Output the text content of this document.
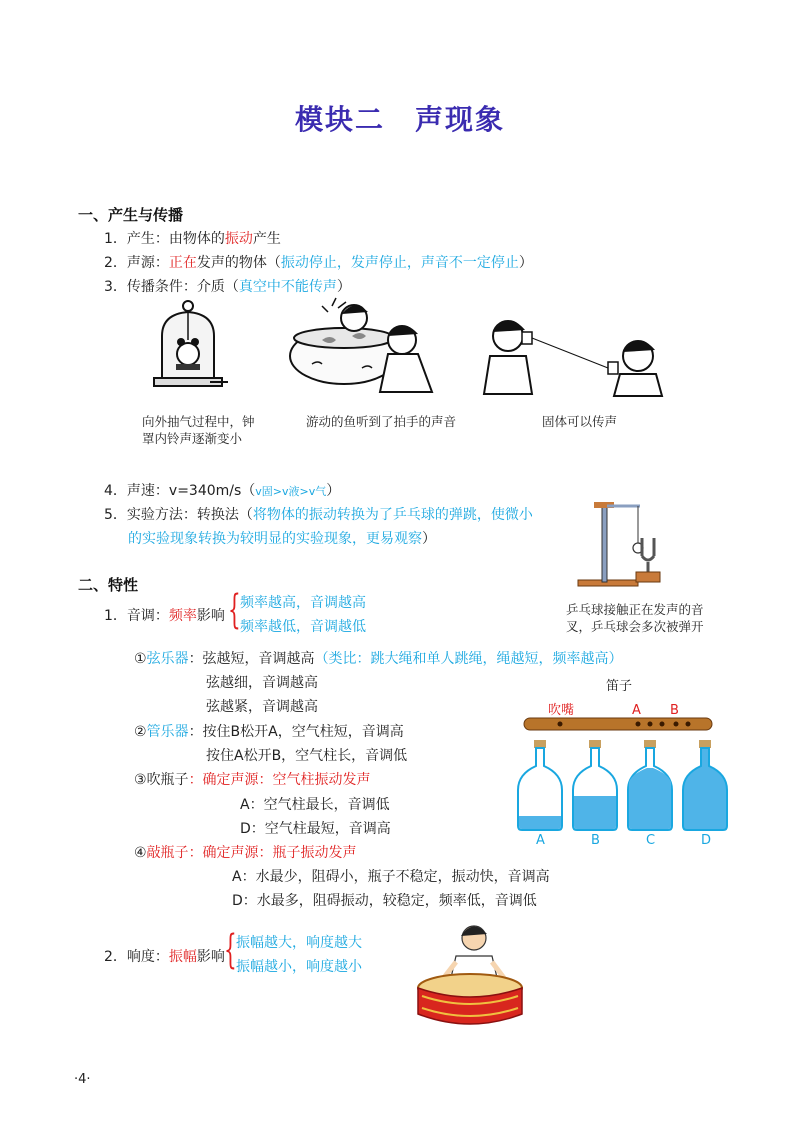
模块二　声现象
一、产生与传播
1．产生：由物体的振动产生
2．声源：正在发声的物体（振动停止，发声停止，声音不一定停止）
3．传播条件：介质（真空中不能传声）
向外抽气过程中，钟
罩内铃声逐渐变小
游动的鱼听到了拍手的声音	固体可以传声
4．声速：v=340m/s（v固>v液>v气）
5．实验方法：转换法（将物体的振动转换为了乒乓球的弹跳，使微小
的实验现象转换为较明显的实验现象，更易观察）
乒乓球接触正在发声的音
叉，乒乓球会多次被弹开
二、特性
1．音调：频率影响 { 频率越高，音调越高
频率越低，音调越低
①弦乐器：弦越短，音调越高（类比：跳大绳和单人跳绳，绳越短，频率越高）
弦越细，音调越高
弦越紧，音调越高
②管乐器：按住B松开A，空气柱短，音调高
按住A松开B，空气柱长，音调低
③吹瓶子：确定声源：空气柱振动发声
A：空气柱最长，音调低
D：空气柱最短，音调高
④敲瓶子：确定声源：瓶子振动发声
A：水最少，阻碍小，瓶子不稳定，振动快，音调高
D：水最多，阻碍振动，较稳定，频率低，音调低
笛子
吹嘴	A B
A	B	C	D
2．响度：振幅影响 { 振幅越大，响度越大
振幅越小，响度越小
·4·
